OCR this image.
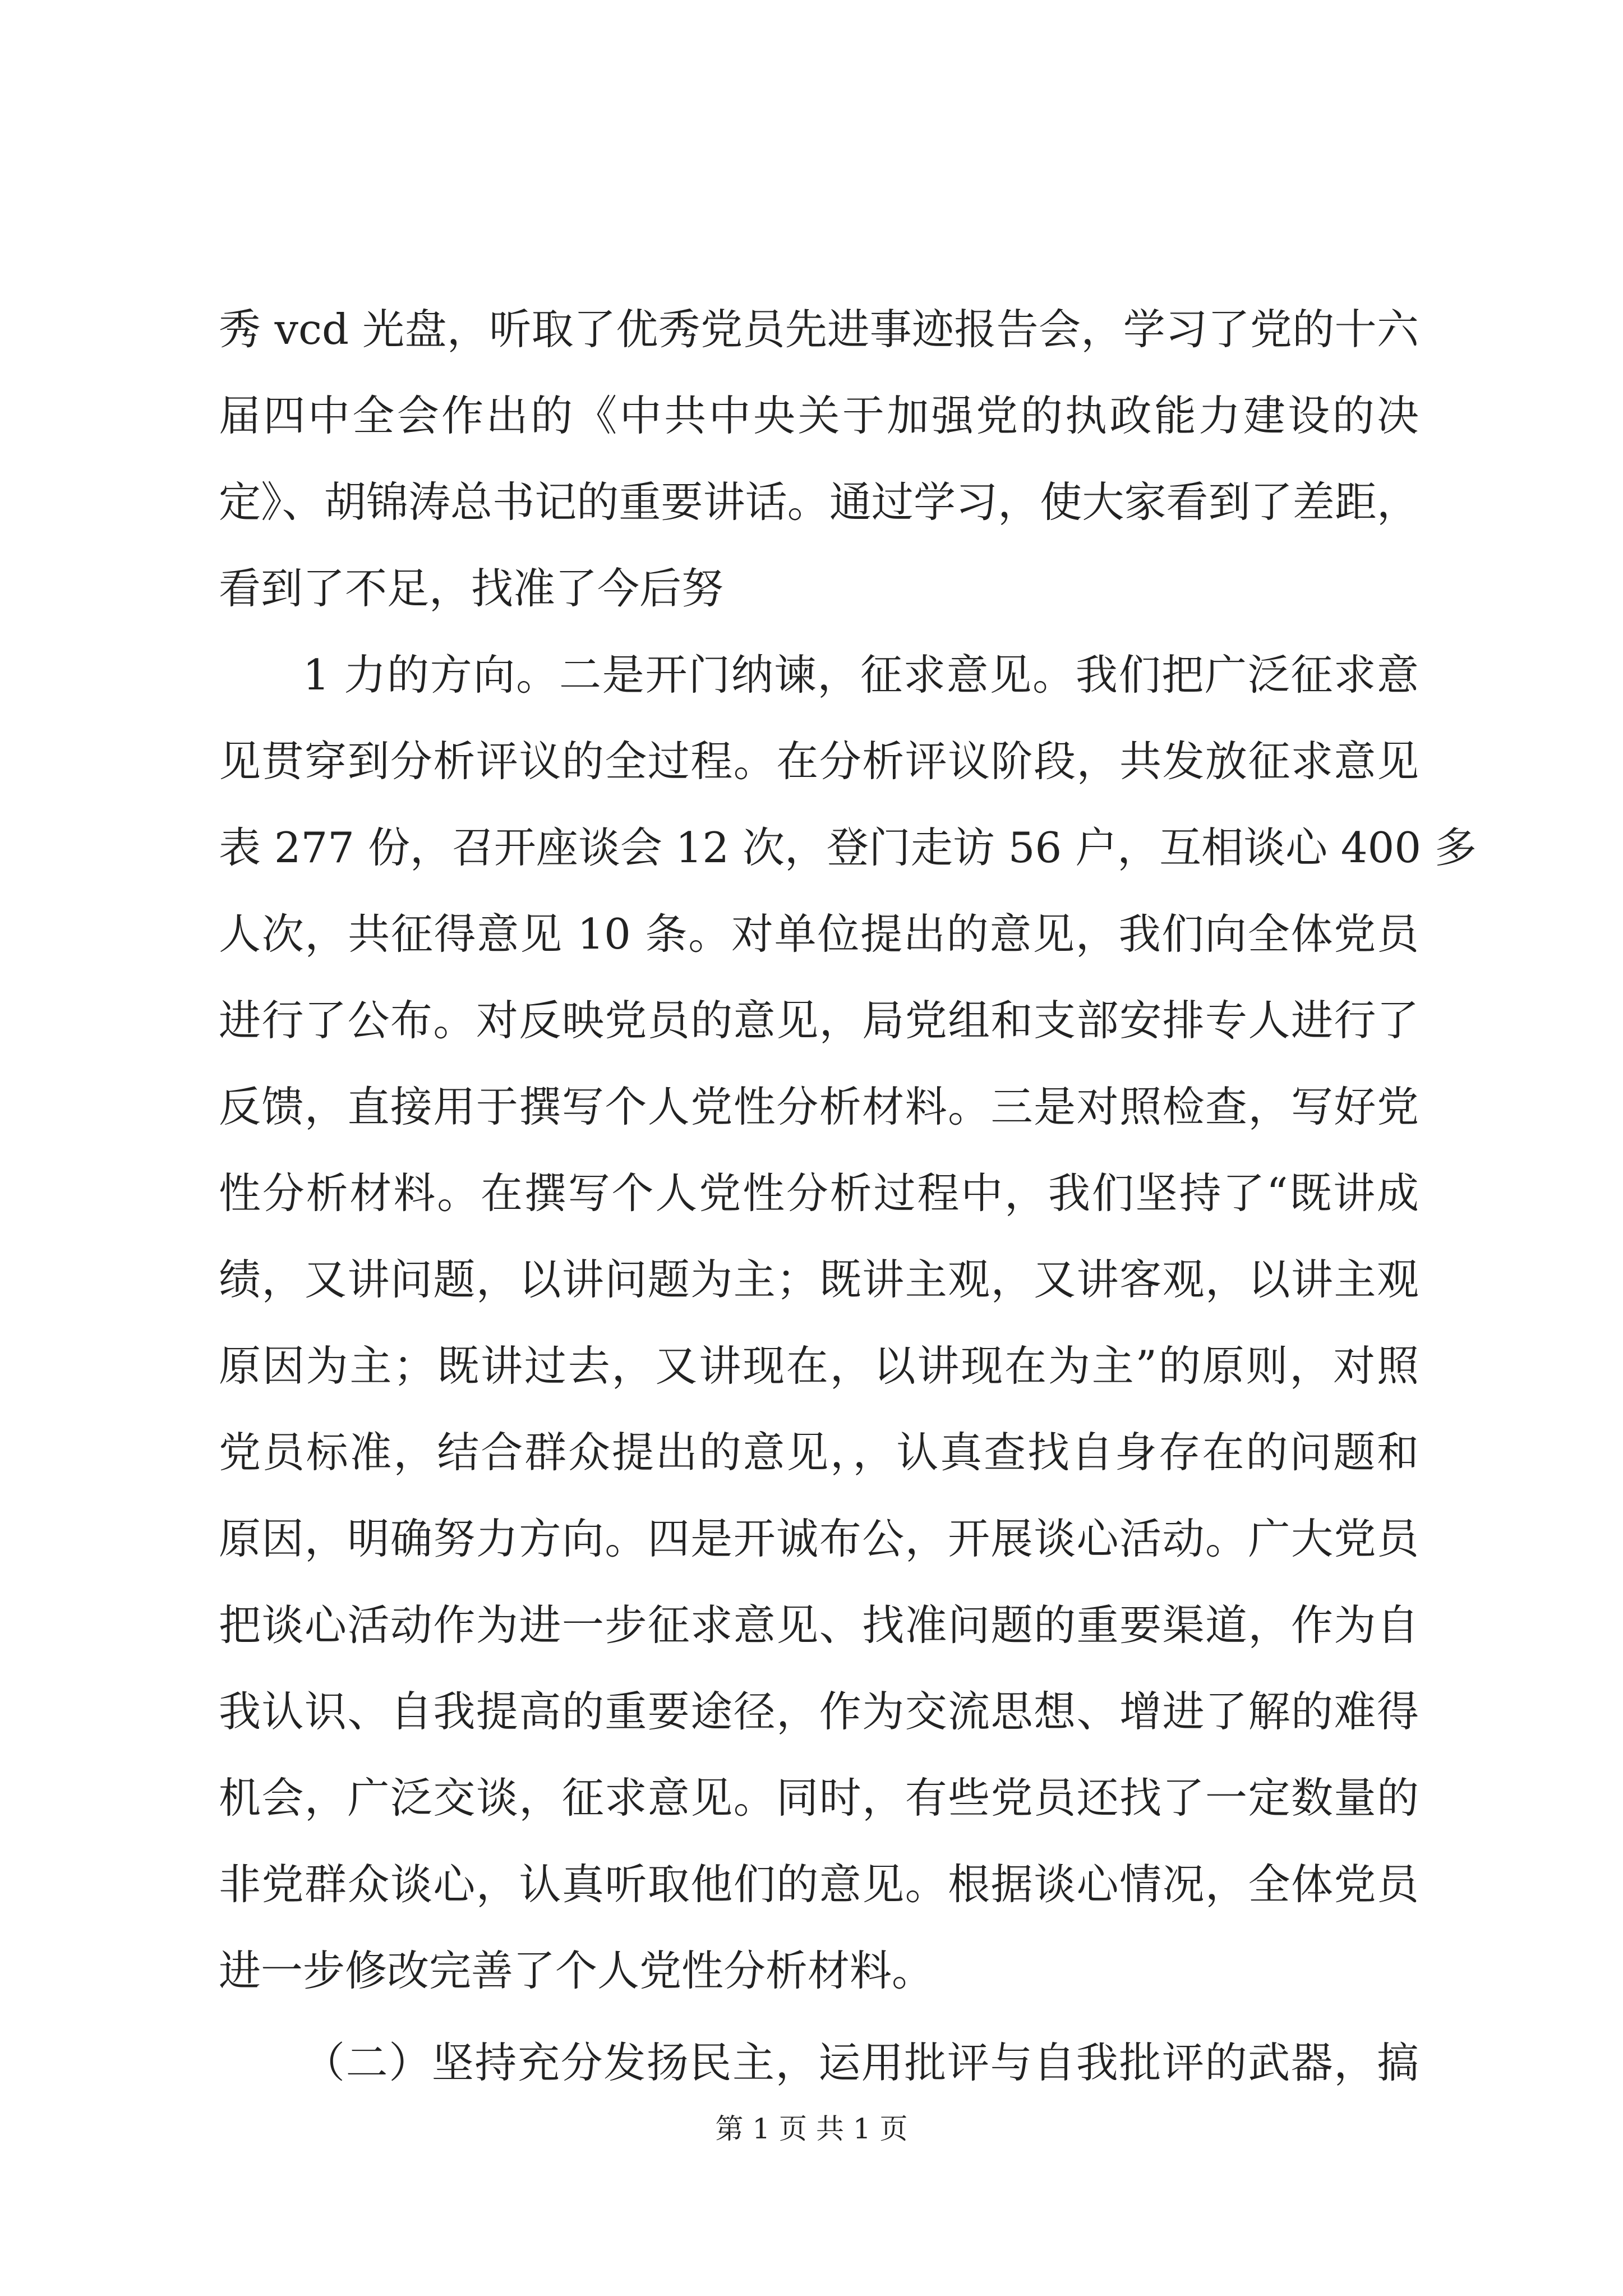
秀 vcd 光盘，听取了优秀党员先进事迹报告会，学习了党的十六
届四中全会作出的《中共中央关于加强党的执政能力建设的决
定》、胡锦涛总书记的重要讲话。通过学习，使大家看到了差距，
看到了不足，找准了今后努
1 力的方向。二是开门纳谏，征求意见。我们把广泛征求意
见贯穿到分析评议的全过程。在分析评议阶段，共发放征求意见
表 277 份，召开座谈会 12 次，登门走访 56 户，互相谈心 400 多
人次，共征得意见 10 条。对单位提出的意见，我们向全体党员
进行了公布。对反映党员的意见，局党组和支部安排专人进行了
反馈，直接用于撰写个人党性分析材料。三是对照检查，写好党
性分析材料。在撰写个人党性分析过程中，我们坚持了“既讲成
绩，又讲问题，以讲问题为主；既讲主观，又讲客观，以讲主观
原因为主；既讲过去，又讲现在，以讲现在为主”的原则，对照
党员标准，结合群众提出的意见，，认真查找自身存在的问题和
原因，明确努力方向。四是开诚布公，开展谈心活动。广大党员
把谈心活动作为进一步征求意见、找准问题的重要渠道，作为自
我认识、自我提高的重要途径，作为交流思想、增进了解的难得
机会，广泛交谈，征求意见。同时，有些党员还找了一定数量的
非党群众谈心，认真听取他们的意见。根据谈心情况，全体党员
进一步修改完善了个人党性分析材料。
（二）坚持充分发扬民主，运用批评与自我批评的武器，搞
第 1 页 共 1 页
